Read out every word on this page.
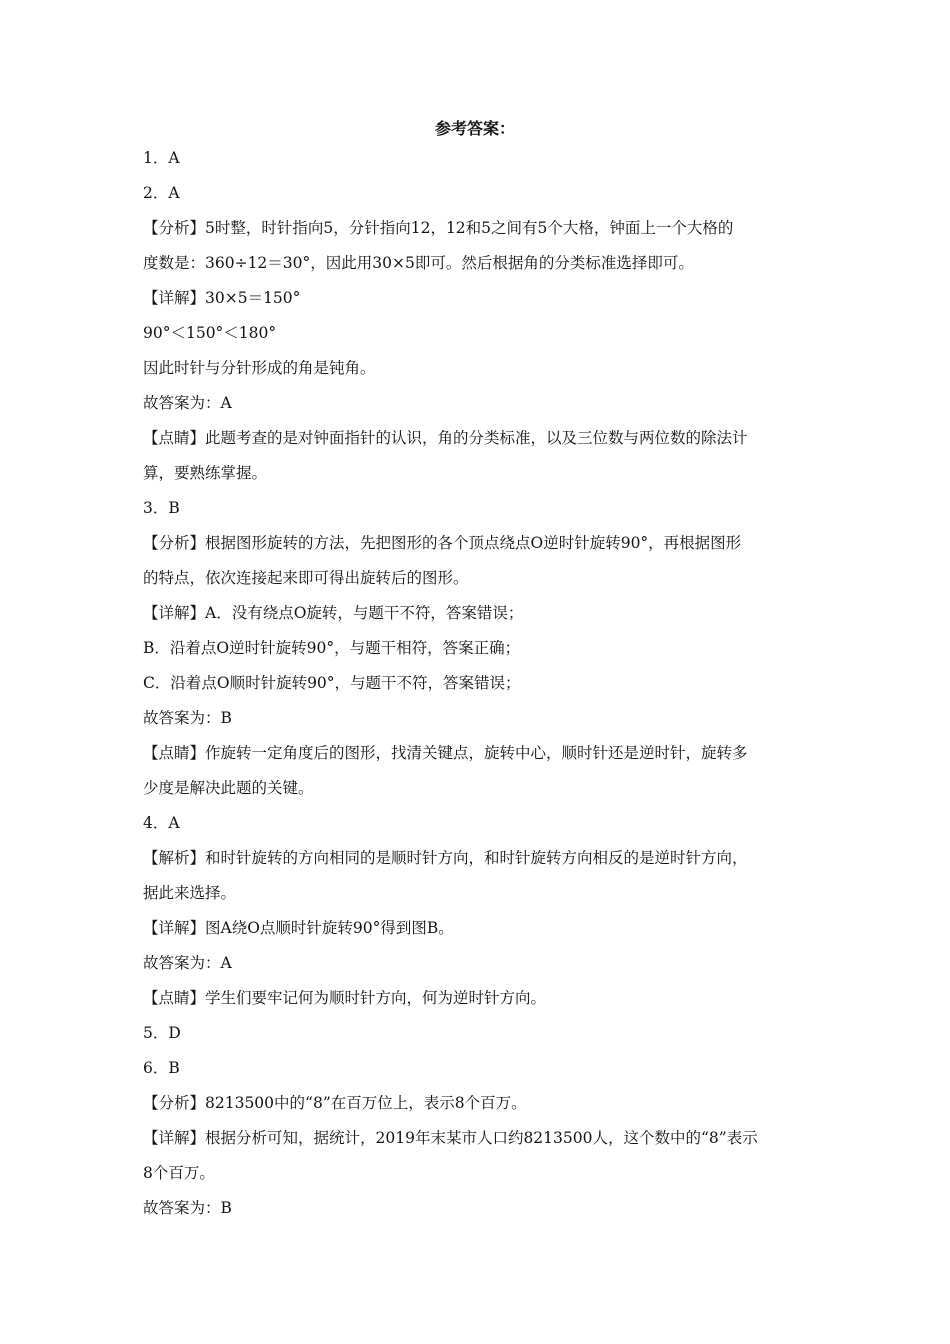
参考答案：
1．A
2．A
【分析】5时整，时针指向5，分针指向12，12和5之间有5个大格，钟面上一个大格的
度数是：360÷12＝30°，因此用30×5即可。然后根据角的分类标准选择即可。
【详解】30×5＝150°
90°＜150°＜180°
因此时针与分针形成的角是钝角。
故答案为：A
【点睛】此题考查的是对钟面指针的认识，角的分类标准，以及三位数与两位数的除法计
算，要熟练掌握。
3．B
【分析】根据图形旋转的方法，先把图形的各个顶点绕点O逆时针旋转90°，再根据图形
的特点，依次连接起来即可得出旋转后的图形。
【详解】A．没有绕点O旋转，与题干不符，答案错误；
B．沿着点O逆时针旋转90°，与题干相符，答案正确；
C．沿着点O顺时针旋转90°，与题干不符，答案错误；
故答案为：B
【点睛】作旋转一定角度后的图形，找清关键点，旋转中心，顺时针还是逆时针，旋转多
少度是解决此题的关键。
4．A
【解析】和时针旋转的方向相同的是顺时针方向，和时针旋转方向相反的是逆时针方向，
据此来选择。
【详解】图A绕O点顺时针旋转90°得到图B。
故答案为：A
【点睛】学生们要牢记何为顺时针方向，何为逆时针方向。
5．D
6．B
【分析】8213500中的“8”在百万位上，表示8个百万。
【详解】根据分析可知，据统计，2019年末某市人口约8213500人，这个数中的“8”表示
8个百万。
故答案为：B
